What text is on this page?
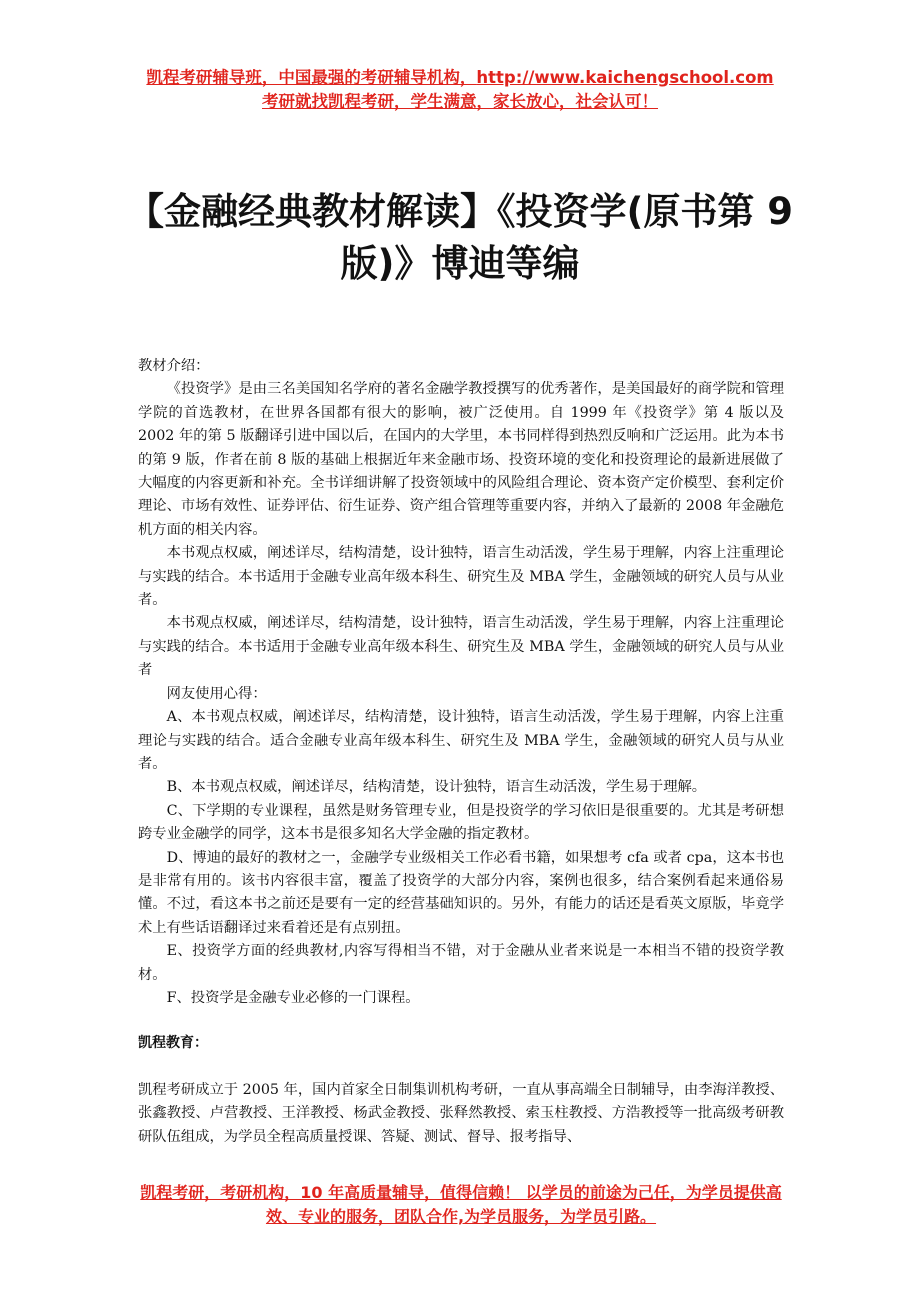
凯程考研辅导班，中国最强的考研辅导机构，http://www.kaichengschool.com
考研就找凯程考研，学生满意，家长放心，社会认可！
【金融经典教材解读】《投资学(原书第 9 版)》博迪等编

教材介绍：

《投资学》是由三名美国知名学府的著名金融学教授撰写的优秀著作，是美国最好的商学院和管理学院的首选教材，在世界各国都有很大的影响，被广泛使用。自 1999 年《投资学》第 4 版以及 2002 年的第 5 版翻译引进中国以后，在国内的大学里，本书同样得到热烈反响和广泛运用。此为本书的第 9 版，作者在前 8 版的基础上根据近年来金融市场、投资环境的变化和投资理论的最新进展做了大幅度的内容更新和补充。全书详细讲解了投资领域中的风险组合理论、资本资产定价模型、套利定价理论、市场有效性、证券评估、衍生证券、资产组合管理等重要内容，并纳入了最新的 2008 年金融危机方面的相关内容。

本书观点权威，阐述详尽，结构清楚，设计独特，语言生动活泼，学生易于理解，内容上注重理论与实践的结合。本书适用于金融专业高年级本科生、研究生及 MBA 学生，金融领域的研究人员与从业者。

本书观点权威，阐述详尽，结构清楚，设计独特，语言生动活泼，学生易于理解，内容上注重理论与实践的结合。本书适用于金融专业高年级本科生、研究生及 MBA 学生，金融领域的研究人员与从业者

网友使用心得：

A、本书观点权威，阐述详尽，结构清楚，设计独特，语言生动活泼，学生易于理解，内容上注重理论与实践的结合。适合金融专业高年级本科生、研究生及 MBA 学生，金融领域的研究人员与从业者。

B、本书观点权威，阐述详尽，结构清楚，设计独特，语言生动活泼，学生易于理解。

C、下学期的专业课程，虽然是财务管理专业，但是投资学的学习依旧是很重要的。尤其是考研想跨专业金融学的同学，这本书是很多知名大学金融的指定教材。

D、博迪的最好的教材之一，金融学专业级相关工作必看书籍，如果想考 cfa 或者 cpa，这本书也是非常有用的。该书内容很丰富，覆盖了投资学的大部分内容，案例也很多，结合案例看起来通俗易懂。不过，看这本书之前还是要有一定的经营基础知识的。另外，有能力的话还是看英文原版，毕竟学术上有些话语翻译过来看着还是有点别扭。

E、投资学方面的经典教材,内容写得相当不错，对于金融从业者来说是一本相当不错的投资学教材。

F、投资学是金融专业必修的一门课程。

凯程教育：

凯程考研成立于 2005 年，国内首家全日制集训机构考研，一直从事高端全日制辅导，由李海洋教授、张鑫教授、卢营教授、王洋教授、杨武金教授、张释然教授、索玉柱教授、方浩教授等一批高级考研教研队伍组成，为学员全程高质量授课、答疑、测试、督导、报考指导、

凯程考研，考研机构，10 年高质量辅导，值得信赖！ 以学员的前途为己任，为学员提供高效、专业的服务，团队合作,为学员服务，为学员引路。
